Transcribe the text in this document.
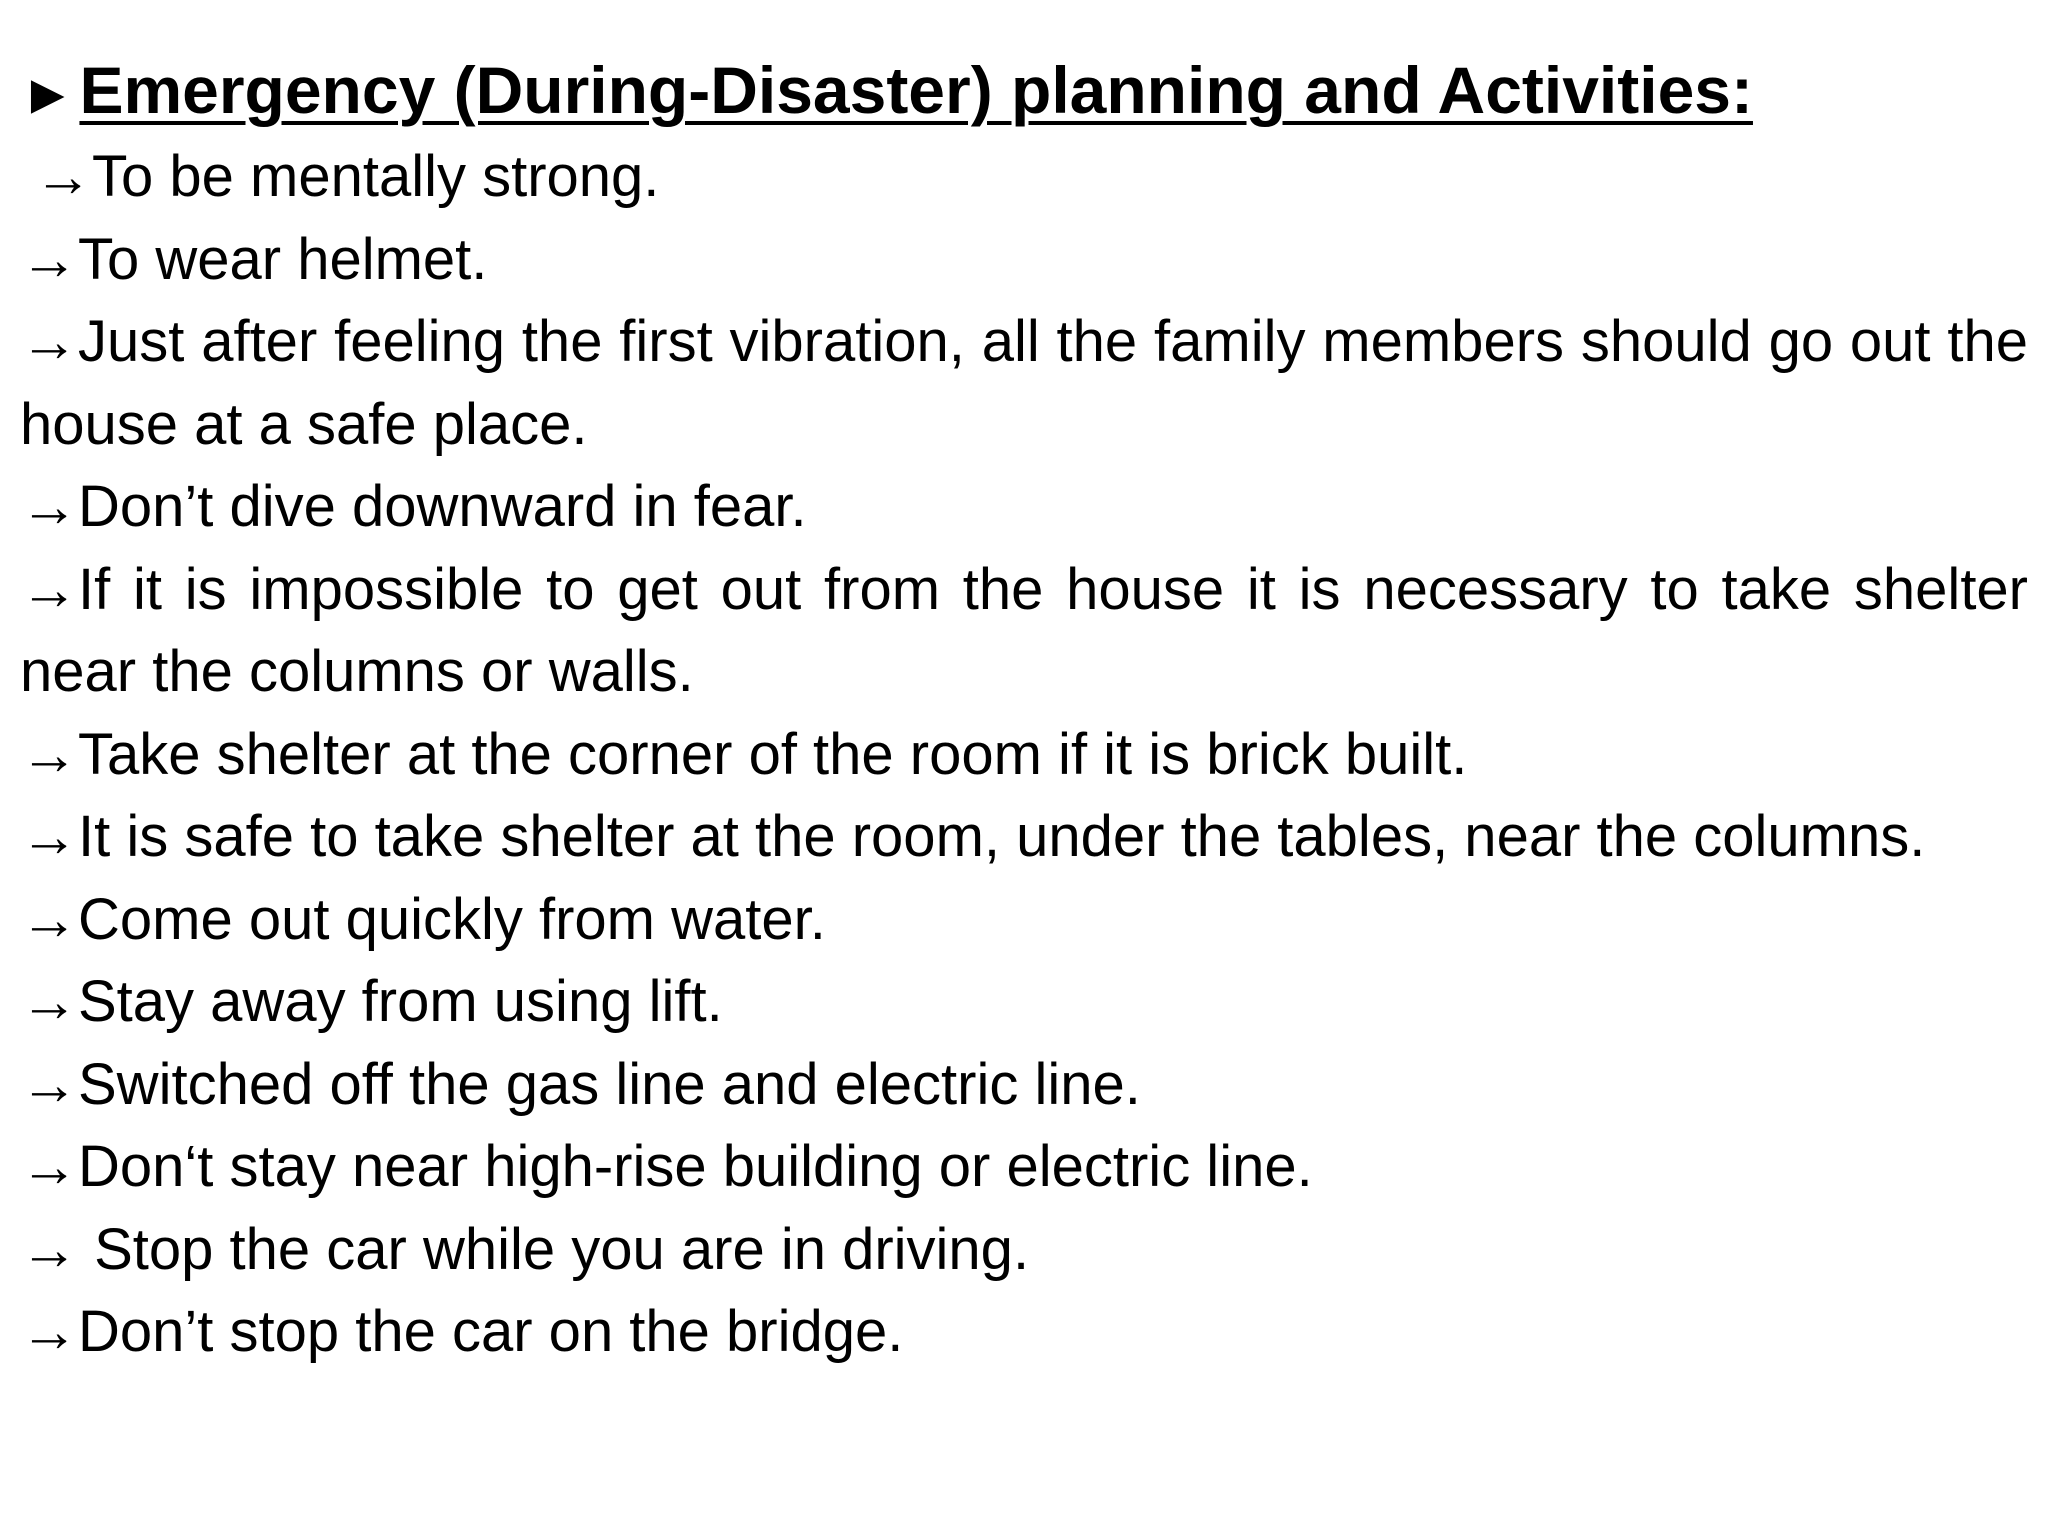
► Emergency (During-Disaster) planning and Activities:
→To be mentally strong.
→To wear helmet.
→Just after feeling the first vibration, all the family members should go out the house at a safe place.
→Don’t dive downward in fear.
→If it is impossible to get out from the house it is necessary to take shelter near the columns or walls.
→Take shelter at the corner of the room if it is brick built.
→It is safe to take shelter at the room, under the tables, near the columns.
→Come out quickly from water.
→Stay away from using lift.
→Switched off the gas line and electric line.
→Don‘t stay near high-rise building or electric line.
→ Stop the car while you are in driving.
→Don’t stop the car on the bridge.
